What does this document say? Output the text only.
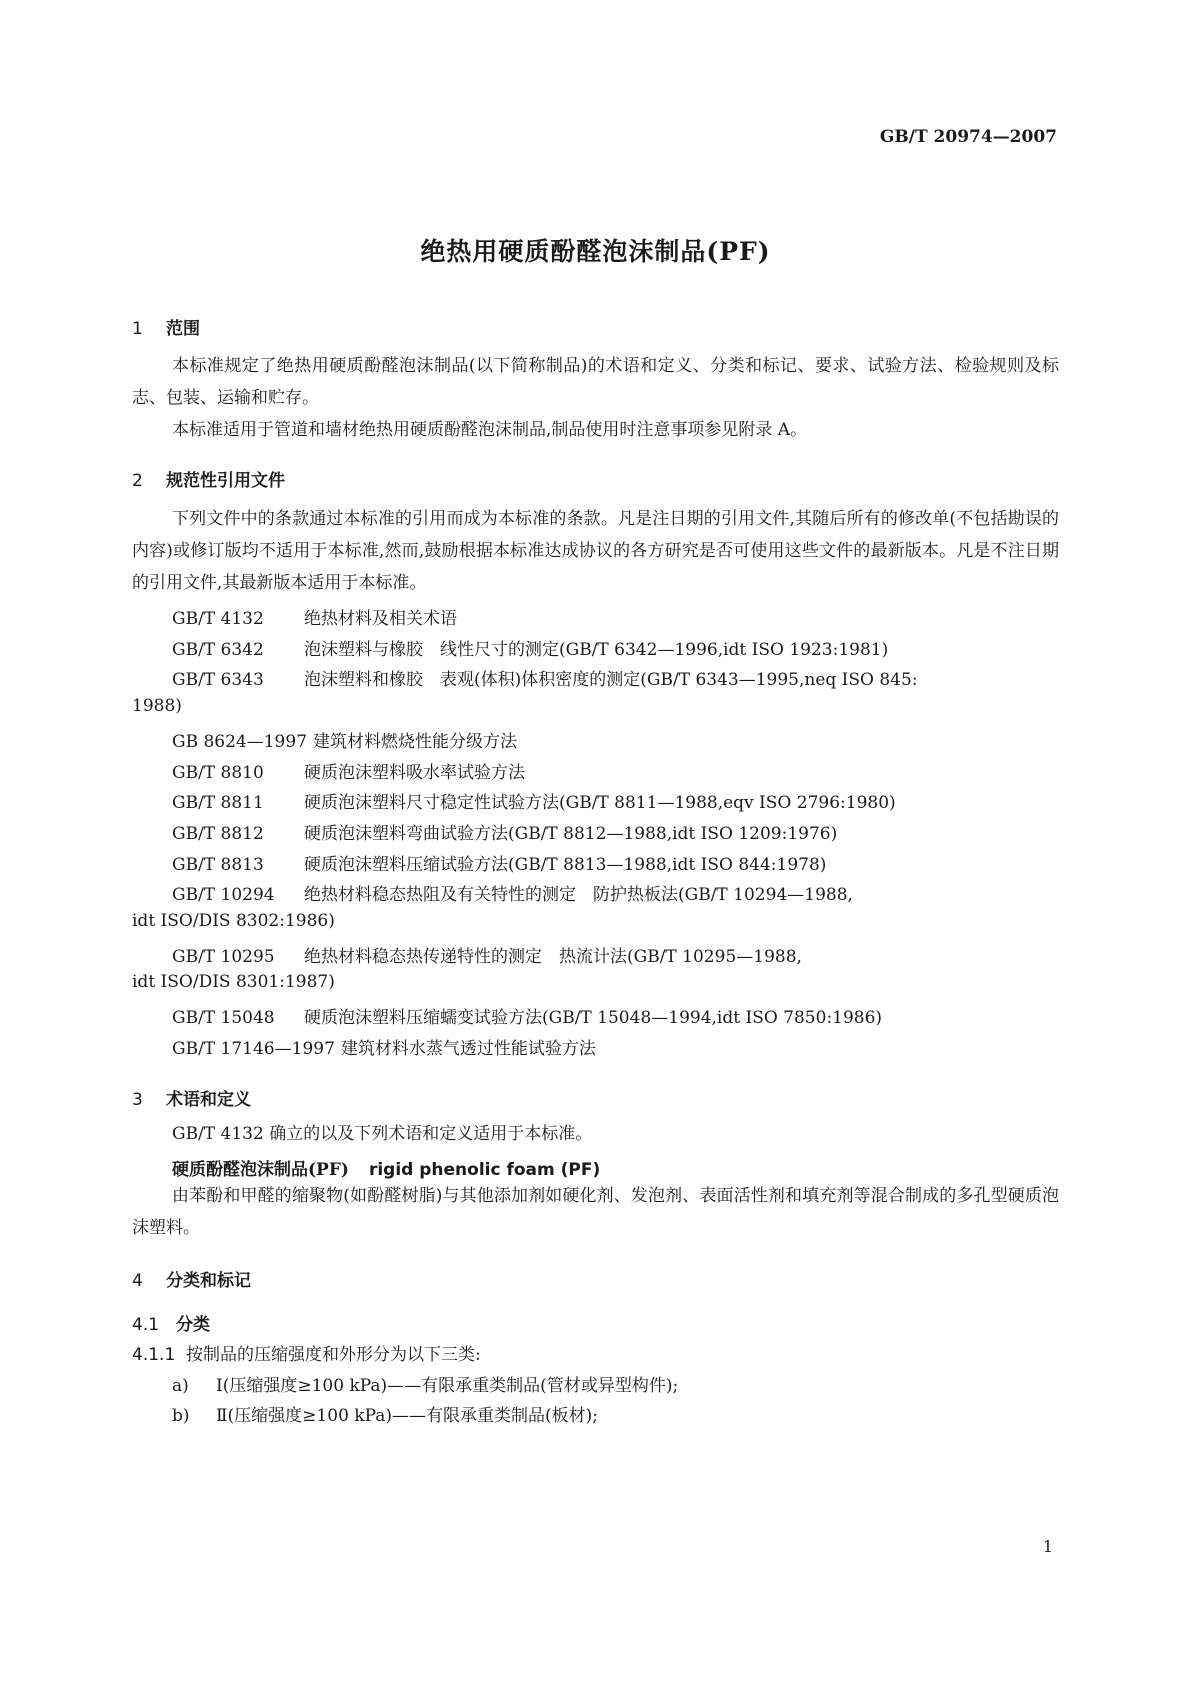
GB/T 20974—2007
绝热用硬质酚醛泡沫制品(PF)
1 范围
本标准规定了绝热用硬质酚醛泡沫制品(以下简称制品)的术语和定义、分类和标记、要求、试验方法、检验规则及标志、包装、运输和贮存。
本标准适用于管道和墙材绝热用硬质酚醛泡沫制品,制品使用时注意事项参见附录 A。
2 规范性引用文件
下列文件中的条款通过本标准的引用而成为本标准的条款。凡是注日期的引用文件,其随后所有的修改单(不包括勘误的内容)或修订版均不适用于本标准,然而,鼓励根据本标准达成协议的各方研究是否可使用这些文件的最新版本。凡是不注日期的引用文件,其最新版本适用于本标准。
GB/T 4132 绝热材料及相关术语
GB/T 6342 泡沫塑料与橡胶　线性尺寸的测定(GB/T 6342—1996,idt ISO 1923:1981)
GB/T 6343 泡沫塑料和橡胶　表观(体积)体积密度的测定(GB/T 6343—1995,neq ISO 845:
1988)
GB 8624—1997 建筑材料燃烧性能分级方法
GB/T 8810 硬质泡沫塑料吸水率试验方法
GB/T 8811 硬质泡沫塑料尺寸稳定性试验方法(GB/T 8811—1988,eqv ISO 2796:1980)
GB/T 8812 硬质泡沫塑料弯曲试验方法(GB/T 8812—1988,idt ISO 1209:1976)
GB/T 8813 硬质泡沫塑料压缩试验方法(GB/T 8813—1988,idt ISO 844:1978)
GB/T 10294 绝热材料稳态热阻及有关特性的测定　防护热板法(GB/T 10294—1988,
idt ISO/DIS 8302:1986)
GB/T 10295 绝热材料稳态热传递特性的测定　热流计法(GB/T 10295—1988,
idt ISO/DIS 8301:1987)
GB/T 15048 硬质泡沫塑料压缩蠕变试验方法(GB/T 15048—1994,idt ISO 7850:1986)
GB/T 17146—1997 建筑材料水蒸气透过性能试验方法
3 术语和定义
GB/T 4132 确立的以及下列术语和定义适用于本标准。
硬质酚醛泡沫制品(PF) rigid phenolic foam (PF)
由苯酚和甲醛的缩聚物(如酚醛树脂)与其他添加剂如硬化剂、发泡剂、表面活性剂和填充剂等混合制成的多孔型硬质泡沫塑料。
4 分类和标记
4.1 分类
4.1.1 按制品的压缩强度和外形分为以下三类:
a) Ⅰ(压缩强度≥100 kPa)——有限承重类制品(管材或异型构件);
b) Ⅱ(压缩强度≥100 kPa)——有限承重类制品(板材);
1
